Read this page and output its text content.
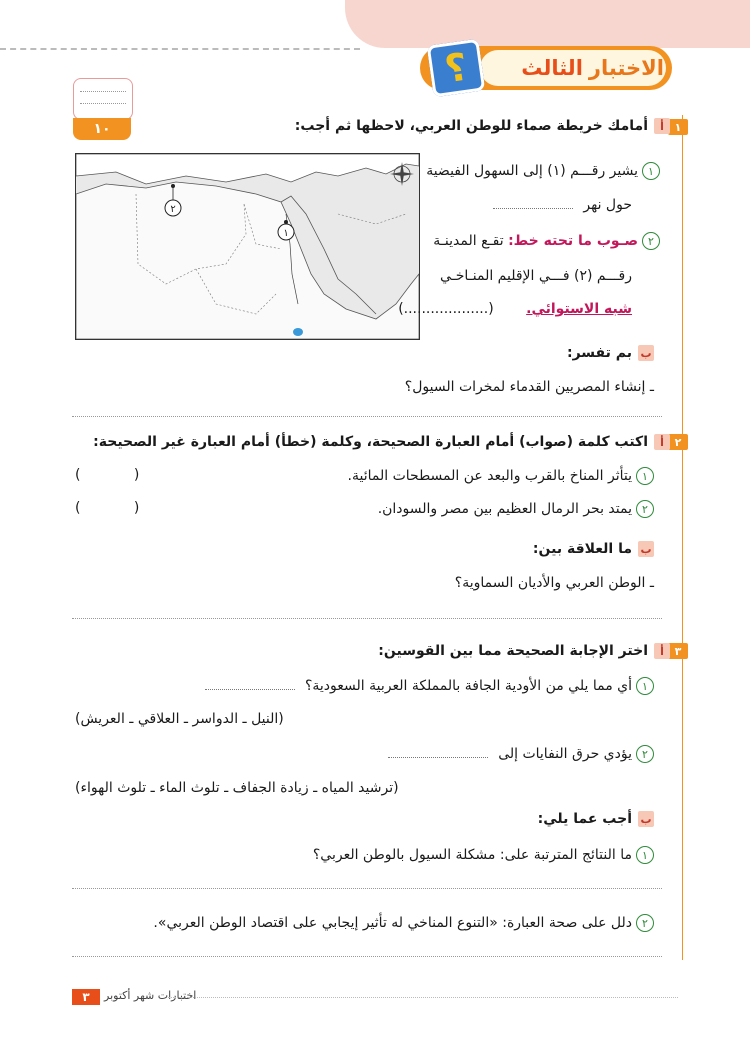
الثالث الاختبار
؟
١٠	١
أأمامك خريطة صماء للوطن العربي، لاحظها ثم أجب:
٢
١
١يشير رقـــم (١) إلى السهول الفيضية
حول نهر
٢صـوب ما تحته خط: تقـع المدينـة
رقـــم (٢) فـــي الإقليم المنـاخـي
شبه الاستوائي. (...................)
ببم تفسر:
ـ إنشاء المصريين القدماء لمخرات السيول؟
٢
أاكتب كلمة (صواب) أمام العبارة الصحيحة، وكلمة (خطأ) أمام العبارة غير الصحيحة:
١يتأثر المناخ بالقرب والبعد عن المسطحات المائية.
(            )
٢يمتد بحر الرمال العظيم بين مصر والسودان.
(            )
بما العلاقة بين:
ـ الوطن العربي والأديان السماوية؟
٣
أاختر الإجابة الصحيحة مما بين القوسين:
١أي مما يلي من الأودية الجافة بالمملكة العربية السعودية؟
(النيل ـ الدواسر ـ العلاقي ـ العريش)
٢يؤدي حرق النفايات إلى
(ترشيد المياه ـ زيادة الجفاف ـ تلوث الماء ـ تلوث الهواء)
بأجب عما يلي:
١ما النتائج المترتبة على: مشكلة السيول بالوطن العربي؟
٢دلل على صحة العبارة: «التنوع المناخي له تأثير إيجابي على اقتصاد الوطن العربي».
٣	اختبارات شهر أكتوبر
